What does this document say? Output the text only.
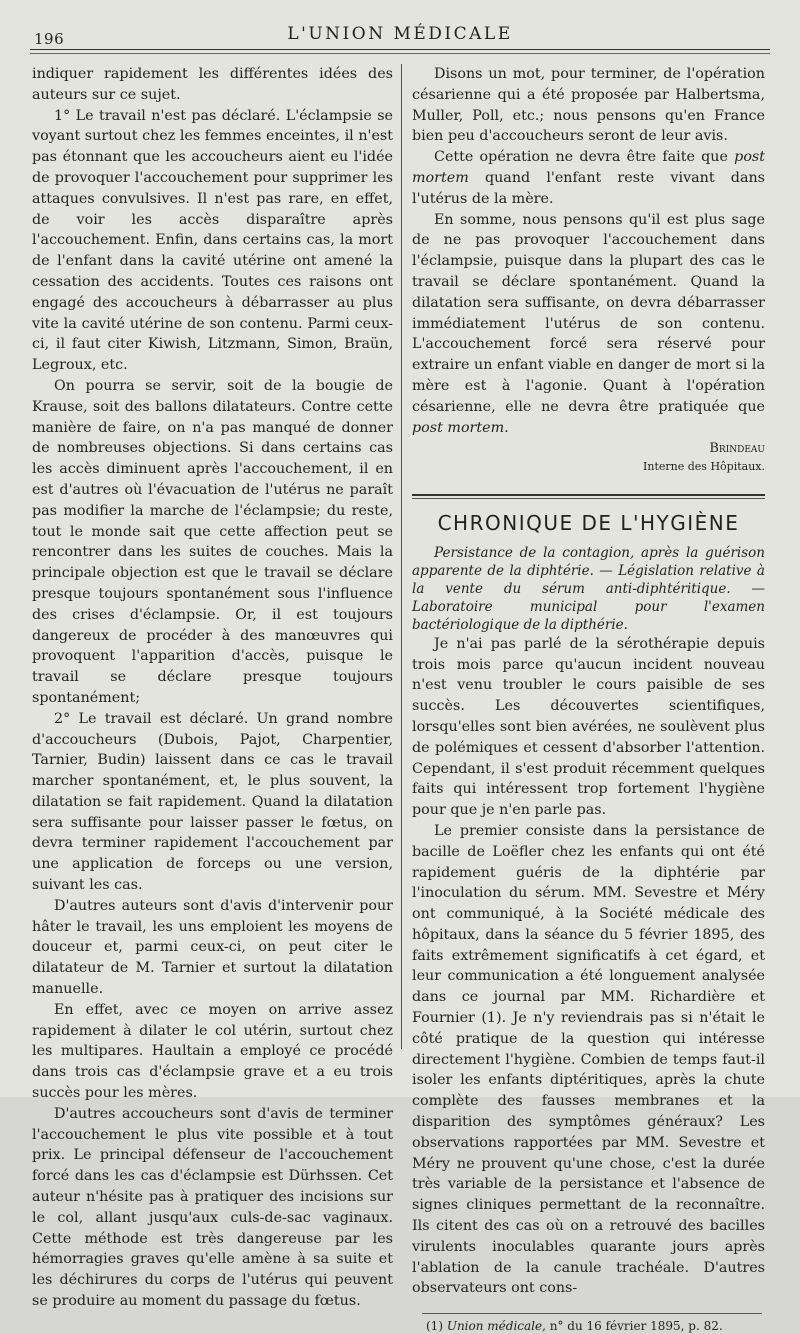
196	L'UNION MÉDICALE

indiquer rapidement les différentes idées des auteurs sur ce sujet.

1° Le travail n'est pas déclaré. L'éclampsie se voyant surtout chez les femmes enceintes, il n'est pas étonnant que les accoucheurs aient eu l'idée de provoquer l'accouchement pour supprimer les attaques convulsives. Il n'est pas rare, en effet, de voir les accès disparaître après l'accouchement. Enfin, dans certains cas, la mort de l'enfant dans la cavité utérine ont amené la cessation des accidents. Toutes ces raisons ont engagé des accoucheurs à débarrasser au plus vite la cavité utérine de son contenu. Parmi ceux-ci, il faut citer Kiwish, Litzmann, Simon, Braün, Legroux, etc.

On pourra se servir, soit de la bougie de Krause, soit des ballons dilatateurs. Contre cette manière de faire, on n'a pas manqué de donner de nombreuses objections. Si dans certains cas les accès diminuent après l'accouchement, il en est d'autres où l'évacuation de l'utérus ne paraît pas modifier la marche de l'éclampsie; du reste, tout le monde sait que cette affection peut se rencontrer dans les suites de couches. Mais la principale objection est que le travail se déclare presque toujours spontanément sous l'influence des crises d'éclampsie. Or, il est toujours dangereux de procéder à des manœuvres qui provoquent l'apparition d'accès, puisque le travail se déclare presque toujours spontanément;

2° Le travail est déclaré. Un grand nombre d'accoucheurs (Dubois, Pajot, Charpentier, Tarnier, Budin) laissent dans ce cas le travail marcher spontanément, et, le plus souvent, la dilatation se fait rapidement. Quand la dilatation sera suffisante pour laisser passer le fœtus, on devra terminer rapidement l'accouchement par une application de forceps ou une version, suivant les cas.

D'autres auteurs sont d'avis d'intervenir pour hâter le travail, les uns emploient les moyens de douceur et, parmi ceux-ci, on peut citer le dilatateur de M. Tarnier et surtout la dilatation manuelle.

En effet, avec ce moyen on arrive assez rapidement à dilater le col utérin, surtout chez les multipares. Haultain a employé ce procédé dans trois cas d'éclampsie grave et a eu trois succès pour les mères.

D'autres accoucheurs sont d'avis de terminer l'accouchement le plus vite possible et à tout prix. Le principal défenseur de l'accouchement forcé dans les cas d'éclampsie est Dürhssen. Cet auteur n'hésite pas à pratiquer des incisions sur le col, allant jusqu'aux culs-de-sac vaginaux. Cette méthode est très dangereuse par les hémorragies graves qu'elle amène à sa suite et les déchirures du corps de l'utérus qui peuvent se produire au moment du passage du fœtus.

Disons un mot, pour terminer, de l'opération césarienne qui a été proposée par Halbertsma, Muller, Poll, etc.; nous pensons qu'en France bien peu d'accoucheurs seront de leur avis.

Cette opération ne devra être faite que post mortem quand l'enfant reste vivant dans l'utérus de la mère.

En somme, nous pensons qu'il est plus sage de ne pas provoquer l'accouchement dans l'éclampsie, puisque dans la plupart des cas le travail se déclare spontanément. Quand la dilatation sera suffisante, on devra débarrasser immédiatement l'utérus de son contenu. L'accouchement forcé sera réservé pour extraire un enfant viable en danger de mort si la mère est à l'agonie. Quant à l'opération césarienne, elle ne devra être pratiquée que post mortem.

Brindeau
Interne des Hôpitaux.
CHRONIQUE DE L'HYGIÈNE

Persistance de la contagion, après la guérison apparente de la diphtérie. — Législation relative à la vente du sérum anti-diphtéritique. — Laboratoire municipal pour l'examen bactériologique de la dipthérie.

Je n'ai pas parlé de la sérothérapie depuis trois mois parce qu'aucun incident nouveau n'est venu troubler le cours paisible de ses succès. Les découvertes scientifiques, lorsqu'elles sont bien avérées, ne soulèvent plus de polémiques et cessent d'absorber l'attention. Cependant, il s'est produit récemment quelques faits qui intéressent trop fortement l'hygiène pour que je n'en parle pas.

Le premier consiste dans la persistance de bacille de Loëfler chez les enfants qui ont été rapidement guéris de la diphtérie par l'inoculation du sérum. MM. Sevestre et Méry ont communiqué, à la Société médicale des hôpitaux, dans la séance du 5 février 1895, des faits extrêmement significatifs à cet égard, et leur communication a été longuement analysée dans ce journal par MM. Richardière et Fournier (1). Je n'y reviendrais pas si n'était le côté pratique de la question qui intéresse directement l'hygiène. Combien de temps faut-il isoler les enfants diptéritiques, après la chute complète des fausses membranes et la disparition des symptômes généraux? Les observations rapportées par MM. Sevestre et Méry ne prouvent qu'une chose, c'est la durée très variable de la persistance et l'absence de signes cliniques permettant de la reconnaître. Ils citent des cas où on a retrouvé des bacilles virulents inoculables quarante jours après l'ablation de la canule trachéale. D'autres observateurs ont cons-

(1) Union médicale, n° du 16 février 1895, p. 82.
